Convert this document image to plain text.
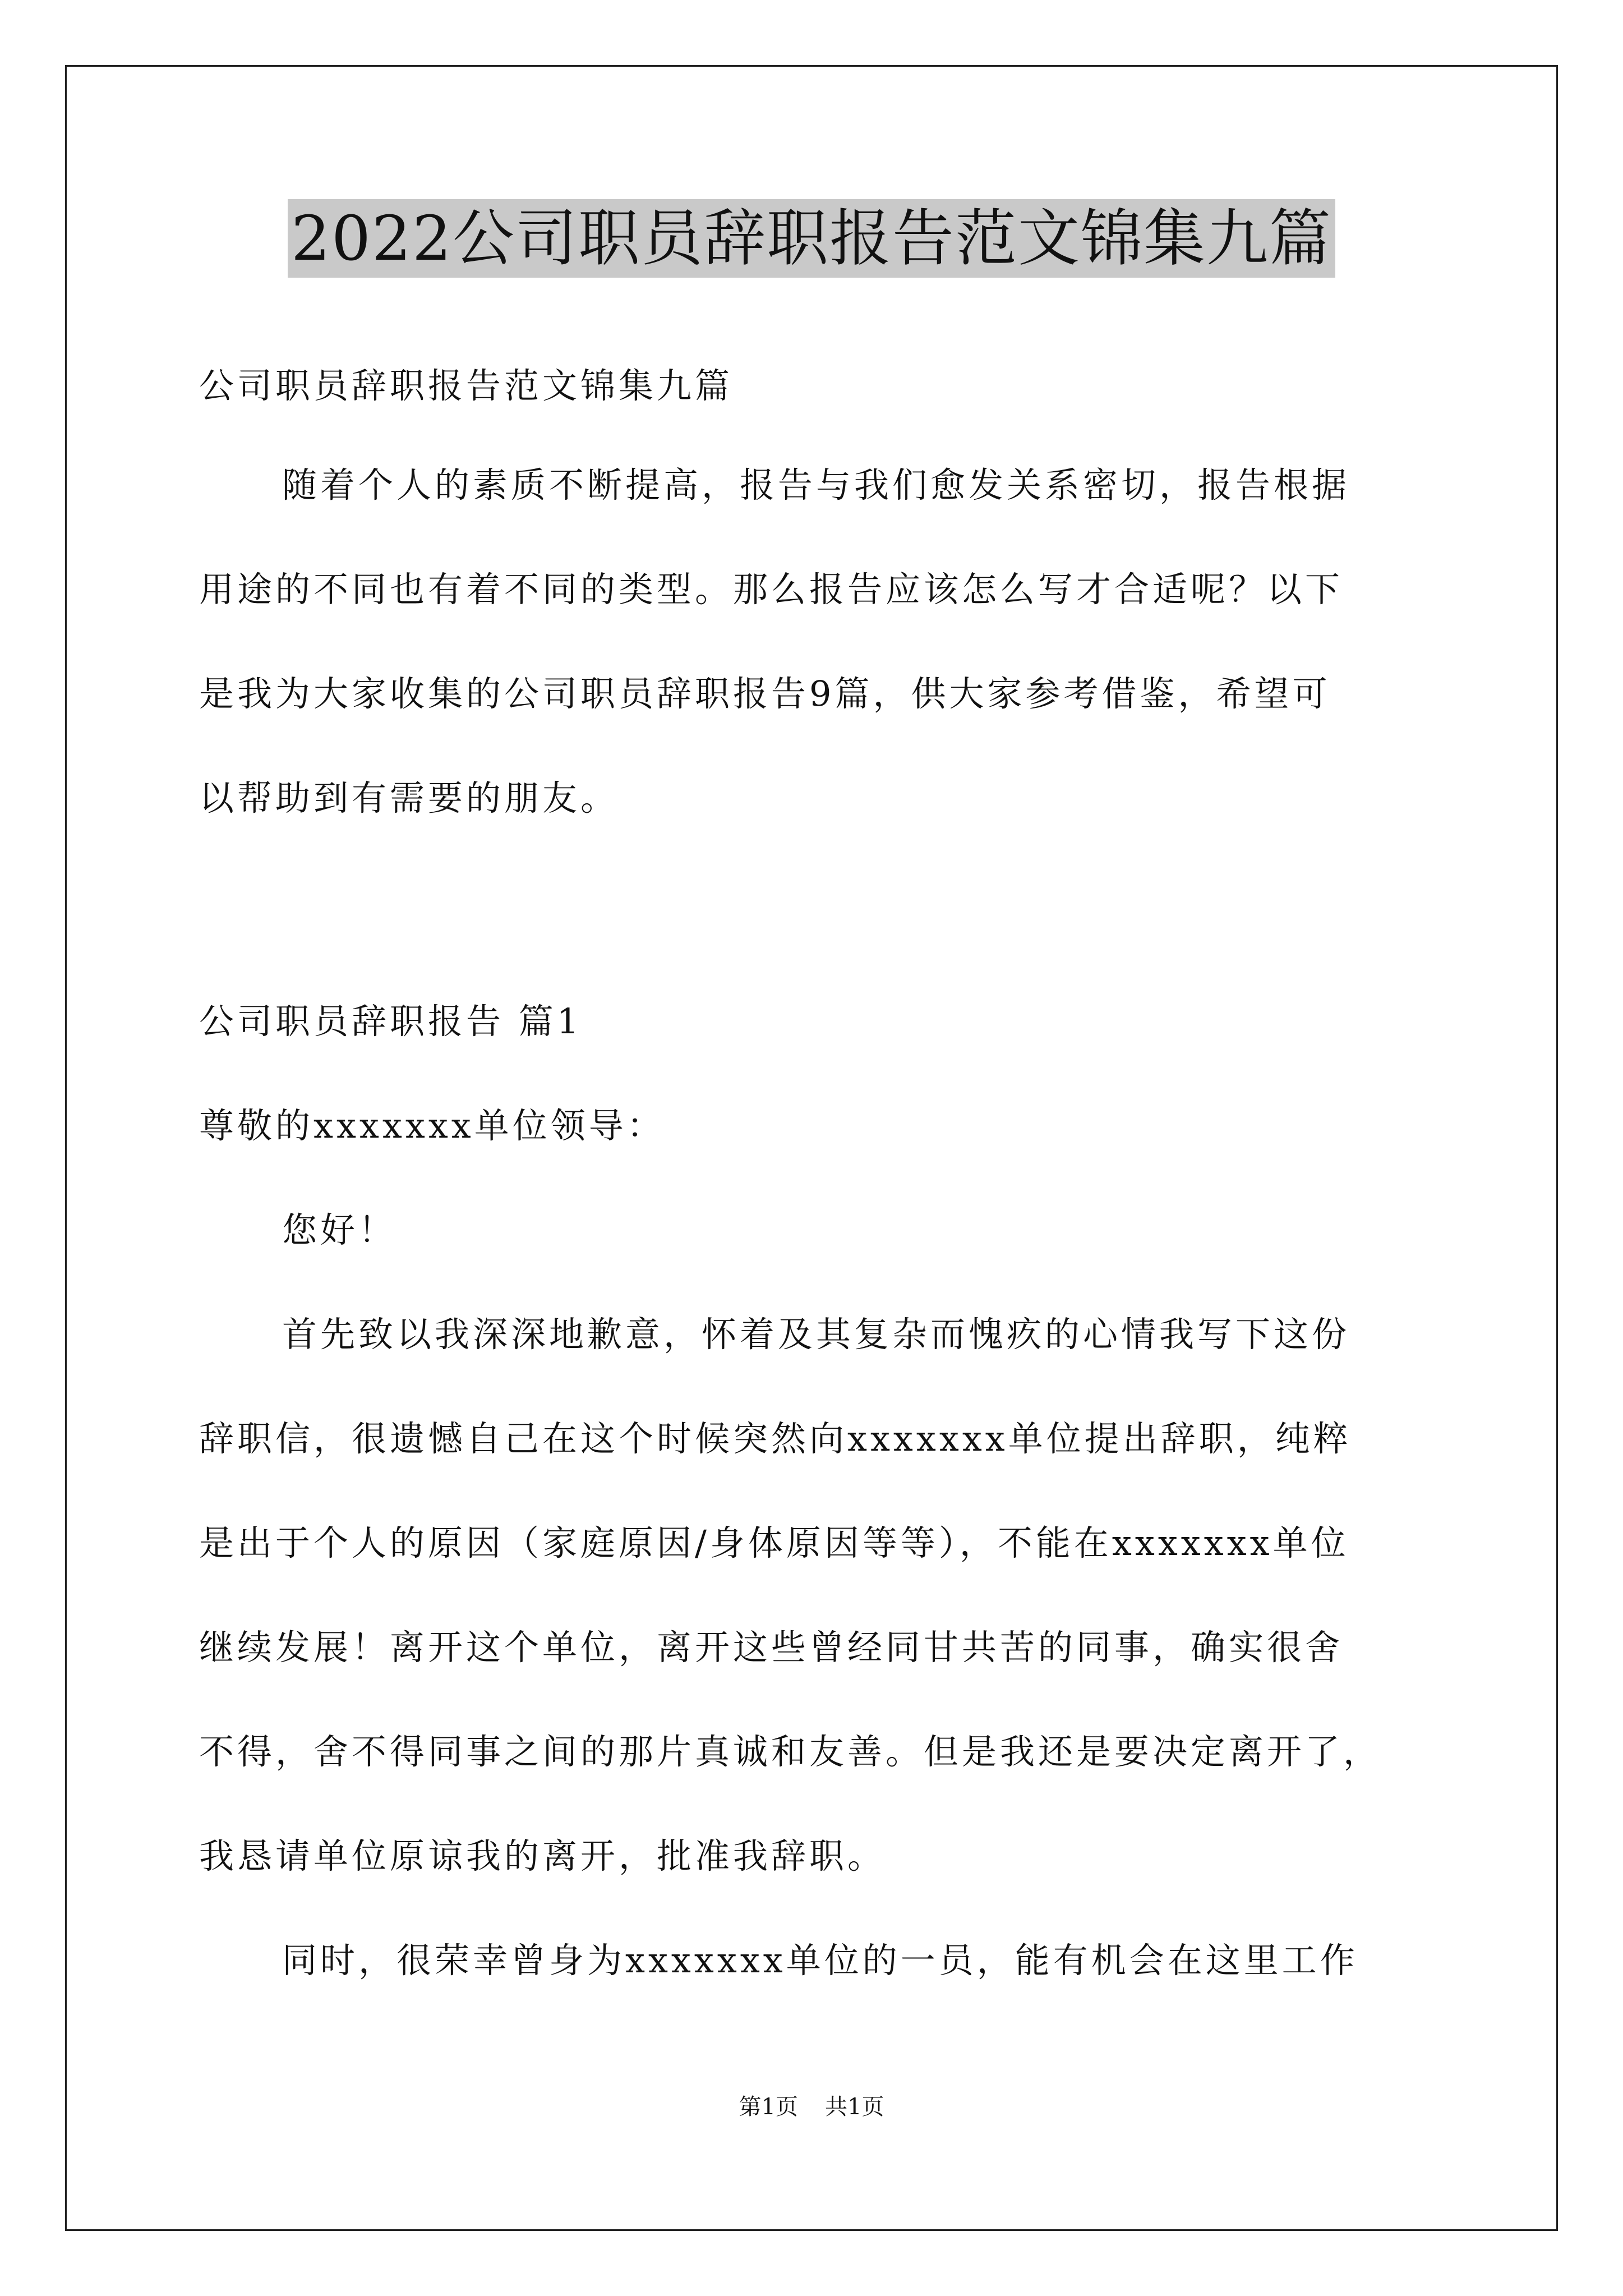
2022公司职员辞职报告范文锦集九篇
公司职员辞职报告范文锦集九篇
随着个人的素质不断提高，报告与我们愈发关系密切，报告根据
用途的不同也有着不同的类型。那么报告应该怎么写才合适呢？以下
是我为大家收集的公司职员辞职报告9篇，供大家参考借鉴，希望可
以帮助到有需要的朋友。
公司职员辞职报告 篇1
尊敬的xxxxxxx单位领导：
您好！
首先致以我深深地歉意，怀着及其复杂而愧疚的心情我写下这份
辞职信，很遗憾自己在这个时候突然向xxxxxxx单位提出辞职，纯粹
是出于个人的原因（家庭原因/身体原因等等），不能在xxxxxxx单位
继续发展！离开这个单位，离开这些曾经同甘共苦的同事，确实很舍
不得，舍不得同事之间的那片真诚和友善。但是我还是要决定离开了，
我恳请单位原谅我的离开，批准我辞职。
同时，很荣幸曾身为xxxxxxx单位的一员，能有机会在这里工作
第1页 共1页
